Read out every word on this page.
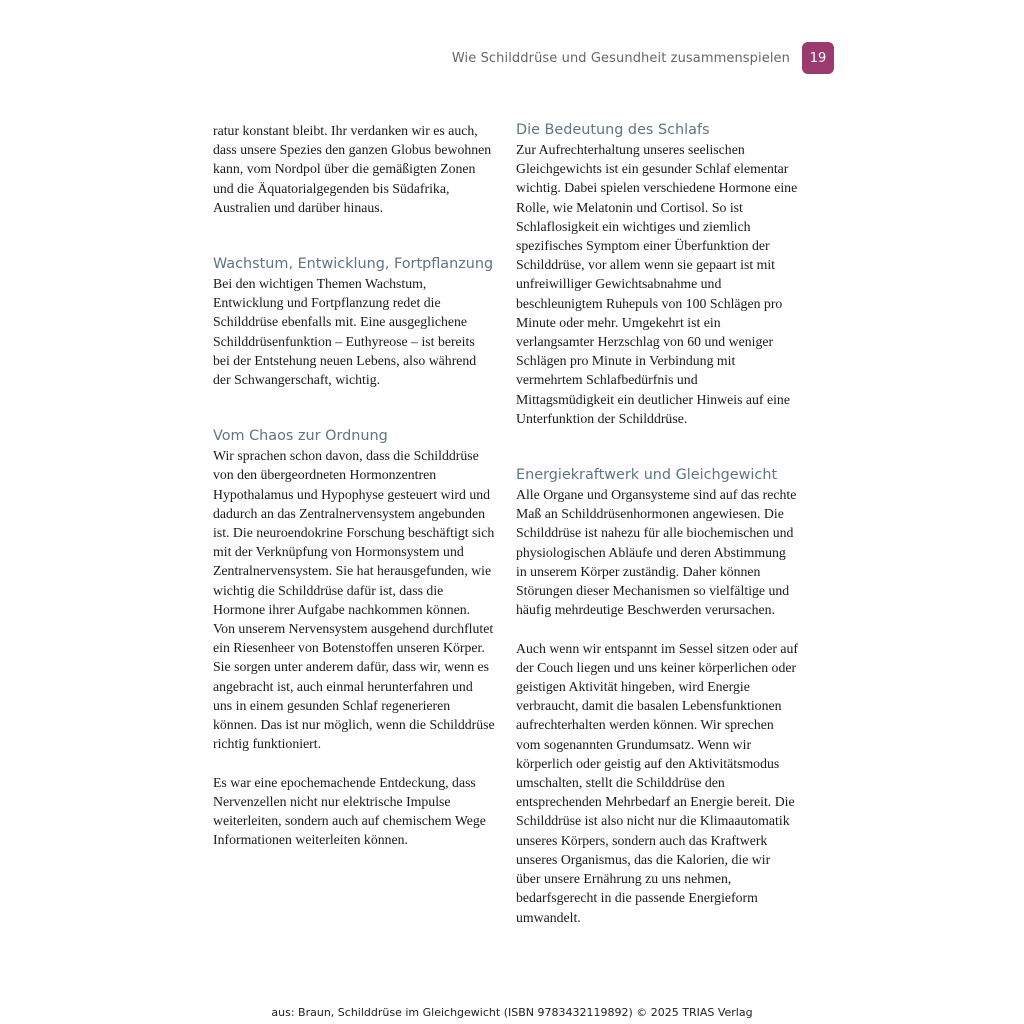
Wie Schilddrüse und Gesundheit zusammenspielen	19

ratur konstant bleibt. Ihr verdanken wir es auch, dass unsere Spezies den ganzen Globus bewohnen kann, vom Nordpol über die gemäßigten Zonen und die Äquatorialgegenden bis Südafrika, Australien und darüber hinaus.

Wachstum, Entwicklung, Fortpflanzung

Bei den wichtigen Themen Wachstum, Entwicklung und Fortpflanzung redet die Schilddrüse ebenfalls mit. Eine ausgeglichene Schilddrüsenfunktion – Euthyreose – ist bereits bei der Entstehung neuen Lebens, also während der Schwangerschaft, wichtig.

Vom Chaos zur Ordnung

Wir sprachen schon davon, dass die Schilddrüse von den übergeordneten Hormonzentren Hypothalamus und Hypophyse gesteuert wird und dadurch an das Zentralnervensystem angebunden ist. Die neuroendokrine Forschung beschäftigt sich mit der Verknüpfung von Hormonsystem und Zentralnervensystem. Sie hat herausgefunden, wie wichtig die Schilddrüse dafür ist, dass die Hormone ihrer Aufgabe nachkommen können. Von unserem Nervensystem ausgehend durchflutet ein Riesenheer von Botenstoffen unseren Körper. Sie sorgen unter anderem dafür, dass wir, wenn es angebracht ist, auch einmal herunterfahren und uns in einem gesunden Schlaf regenerieren können. Das ist nur möglich, wenn die Schilddrüse richtig funktioniert.

Es war eine epochemachende Entdeckung, dass Nervenzellen nicht nur elektrische Impulse weiterleiten, sondern auch auf chemischem Wege Informationen weiterleiten können.

Die Bedeutung des Schlafs

Zur Aufrechterhaltung unseres seelischen Gleichgewichts ist ein gesunder Schlaf elementar wichtig. Dabei spielen verschiedene Hormone eine Rolle, wie Melatonin und Cortisol. So ist Schlaflosigkeit ein wichtiges und ziemlich spezifisches Symptom einer Überfunktion der Schilddrüse, vor allem wenn sie gepaart ist mit unfreiwilliger Gewichtsabnahme und beschleunigtem Ruhepuls von 100 Schlägen pro Minute oder mehr. Umgekehrt ist ein verlangsamter Herzschlag von 60 und weniger Schlägen pro Minute in Verbindung mit vermehrtem Schlafbedürfnis und Mittagsmüdigkeit ein deutlicher Hinweis auf eine Unterfunktion der Schilddrüse.

Energiekraftwerk und Gleichgewicht

Alle Organe und Organsysteme sind auf das rechte Maß an Schilddrüsenhormonen angewiesen. Die Schilddrüse ist nahezu für alle biochemischen und physiologischen Abläufe und deren Abstimmung in unserem Körper zuständig. Daher können Störungen dieser Mechanismen so vielfältige und häufig mehrdeutige Beschwerden verursachen.

Auch wenn wir entspannt im Sessel sitzen oder auf der Couch liegen und uns keiner körperlichen oder geistigen Aktivität hingeben, wird Energie verbraucht, damit die basalen Lebensfunktionen aufrechterhalten werden können. Wir sprechen vom sogenannten Grundumsatz. Wenn wir körperlich oder geistig auf den Aktivitätsmodus umschalten, stellt die Schilddrüse den entsprechenden Mehrbedarf an Energie bereit. Die Schilddrüse ist also nicht nur die Klimaautomatik unseres Körpers, sondern auch das Kraftwerk unseres Organismus, das die Kalorien, die wir über unsere Ernährung zu uns nehmen, bedarfsgerecht in die passende Energieform umwandelt.

aus: Braun, Schilddrüse im Gleichgewicht (ISBN 9783432119892) © 2025 TRIAS Verlag
